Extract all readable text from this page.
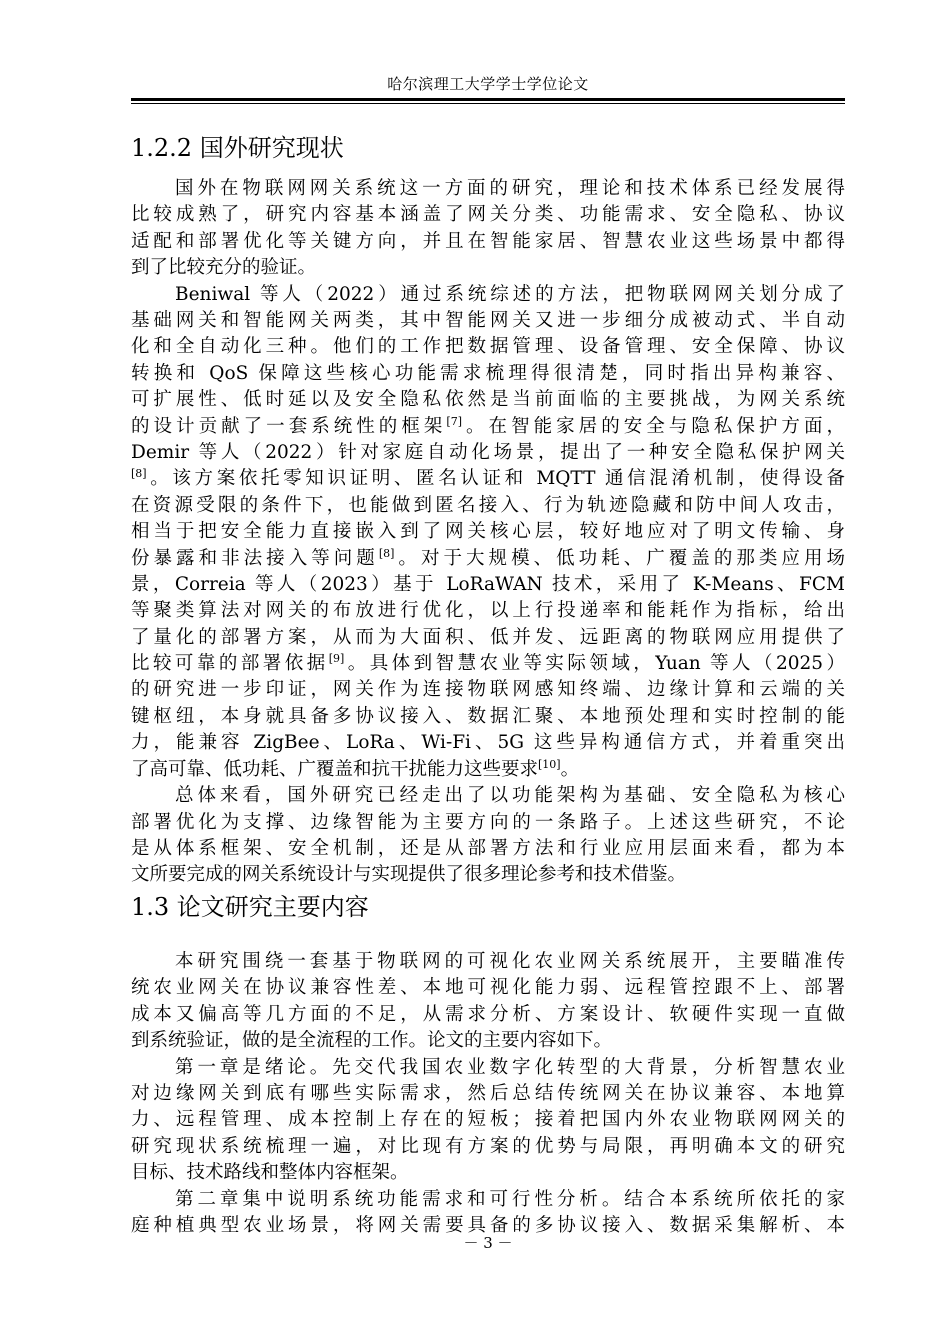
哈尔滨理工大学学士学位论文
1.2.2 国外研究现状
国外在物联网网关系统这一方面的研究，理论和技术体系已经发展得
比较成熟了，研究内容基本涵盖了网关分类、功能需求、安全隐私、协议
适配和部署优化等关键方向，并且在智能家居、智慧农业这些场景中都得
到了比较充分的验证。
Beniwal 等人（2022）通过系统综述的方法，把物联网网关划分成了
基础网关和智能网关两类，其中智能网关又进一步细分成被动式、半自动
化和全自动化三种。他们的工作把数据管理、设备管理、安全保障、协议
转换和 QoS 保障这些核心功能需求梳理得很清楚，同时指出异构兼容、
可扩展性、低时延以及安全隐私依然是当前面临的主要挑战，为网关系统
的设计贡献了一套系统性的框架[7]。在智能家居的安全与隐私保护方面，
Demir 等人（2022）针对家庭自动化场景，提出了一种安全隐私保护网关
[8]。该方案依托零知识证明、匿名认证和 MQTT 通信混淆机制，使得设备
在资源受限的条件下，也能做到匿名接入、行为轨迹隐藏和防中间人攻击，
相当于把安全能力直接嵌入到了网关核心层，较好地应对了明文传输、身
份暴露和非法接入等问题[8]。对于大规模、低功耗、广覆盖的那类应用场
景，Correia 等人（2023）基于 LoRaWAN 技术，采用了 K-Means、FCM
等聚类算法对网关的布放进行优化，以上行投递率和能耗作为指标，给出
了量化的部署方案，从而为大面积、低并发、远距离的物联网应用提供了
比较可靠的部署依据[9]。具体到智慧农业等实际领域，Yuan 等人（2025）
的研究进一步印证，网关作为连接物联网感知终端、边缘计算和云端的关
键枢纽，本身就具备多协议接入、数据汇聚、本地预处理和实时控制的能
力，能兼容 ZigBee、LoRa、Wi-Fi、5G 这些异构通信方式，并着重突出
了高可靠、低功耗、广覆盖和抗干扰能力这些要求[10]。
总体来看，国外研究已经走出了以功能架构为基础、安全隐私为核心
部署优化为支撑、边缘智能为主要方向的一条路子。上述这些研究，不论
是从体系框架、安全机制，还是从部署方法和行业应用层面来看，都为本
文所要完成的网关系统设计与实现提供了很多理论参考和技术借鉴。
1.3 论文研究主要内容
本研究围绕一套基于物联网的可视化农业网关系统展开，主要瞄准传
统农业网关在协议兼容性差、本地可视化能力弱、远程管控跟不上、部署
成本又偏高等几方面的不足，从需求分析、方案设计、软硬件实现一直做
到系统验证，做的是全流程的工作。论文的主要内容如下。
第一章是绪论。先交代我国农业数字化转型的大背景，分析智慧农业
对边缘网关到底有哪些实际需求，然后总结传统网关在协议兼容、本地算
力、远程管理、成本控制上存在的短板；接着把国内外农业物联网网关的
研究现状系统梳理一遍，对比现有方案的优势与局限，再明确本文的研究
目标、技术路线和整体内容框架。
第二章集中说明系统功能需求和可行性分析。结合本系统所依托的家
庭种植典型农业场景，将网关需要具备的多协议接入、数据采集解析、本
－ 3 －
